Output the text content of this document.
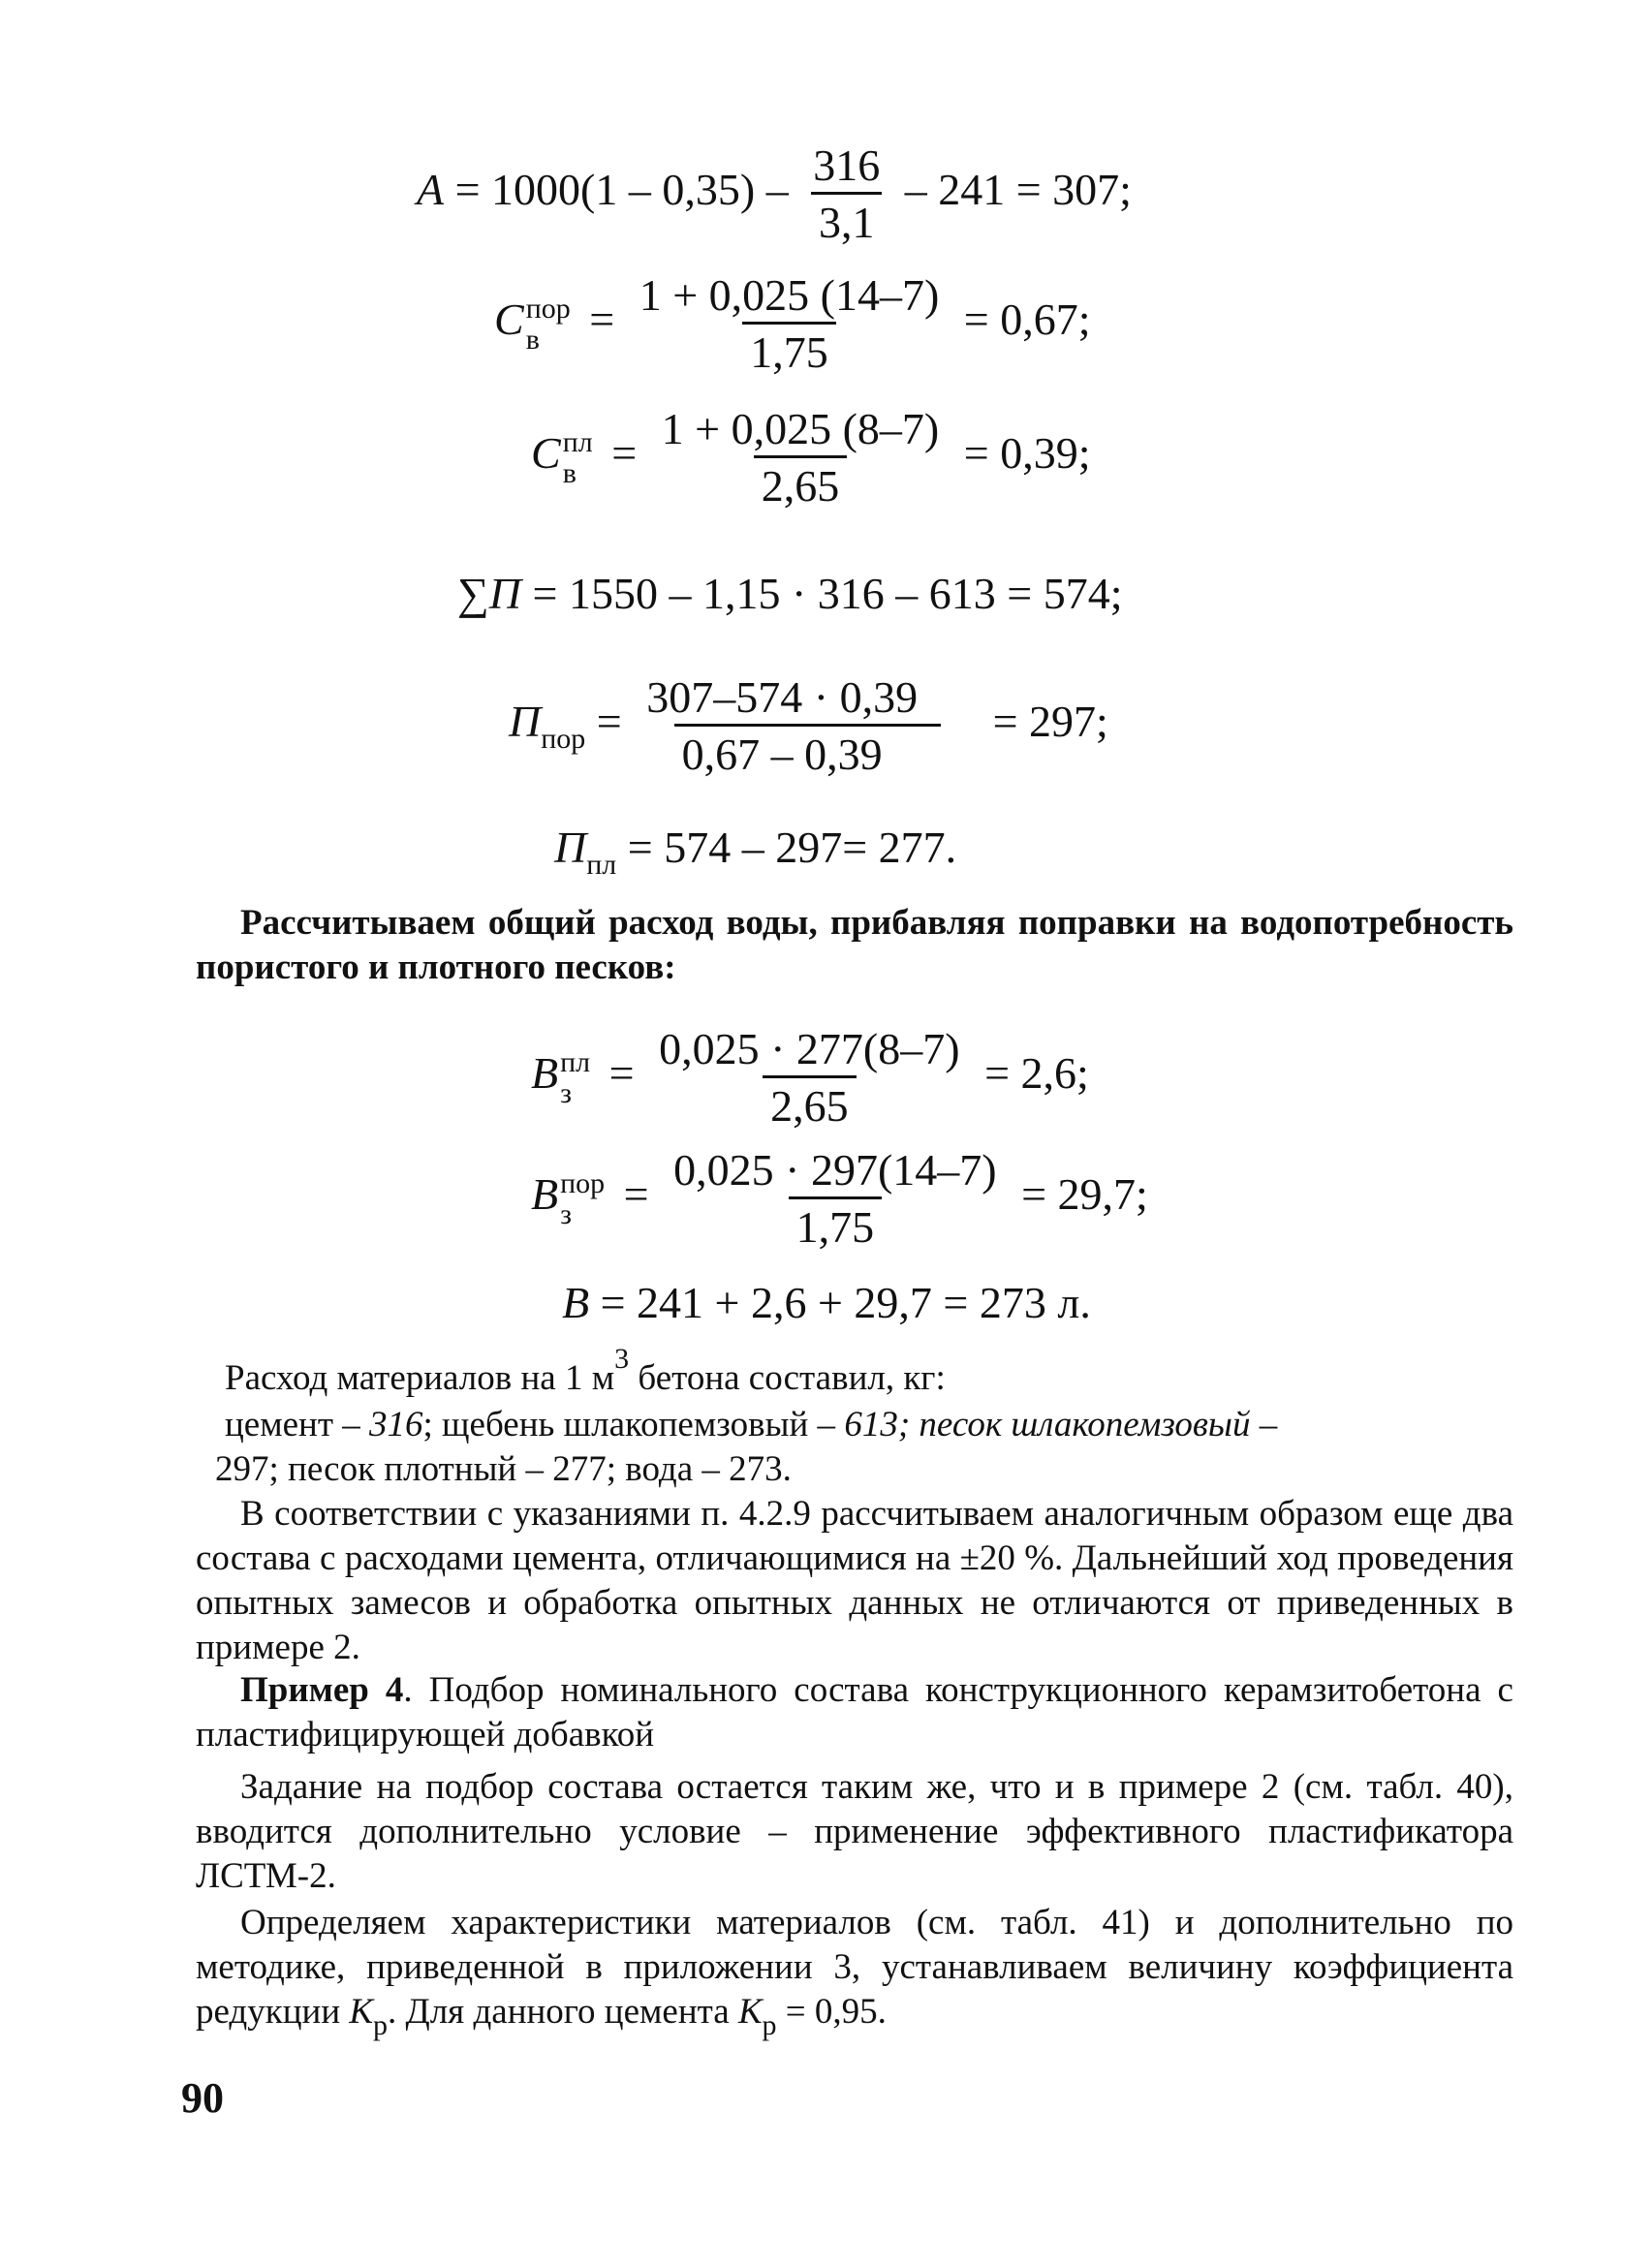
$А = 1000(1 - 0,35) - \frac{316}{3,1} - 241 = 307$;
С пор
в	= $\frac{1 + 0,025 (14-7)}{1,75} = 0,67$;
С пл
$в = \frac{1 + 0,025 (8-7)}{2,65} = 0,39$;
∑П = 1550 – 1,15 · 316 – 613 = 574;
$П_{пор} = \frac{307-574 \cdot 0,39}{0,67 - 0,39} = 297$;
$П_{пл} = 574 - 297= 277$.
Рассчитываем общий расход воды, прибавляя поправки на водопотребность пористого и плотного песков:
В пл
$з = \frac{0,025 \cdot 277(8-7)}{2,65} = 2,6$;
В пор
з	= $\frac{0,025 \cdot 297(14-7)}{1,75} = 29,7$;
В = 241 + 2,6 + 29,7 = 273 л.
Расход материалов на 1 $м^3$ бетона составил, кг:
цемент – 316; щебень шлакопемзовый – 613; песок шлакопемзовый –
297; песок плотный – 277; вода – 273.
В соответствии с указаниями п. 4.2.9 рассчитываем аналогичным образом еще два состава с расходами цемента, отличающимися на ±20 %. Дальнейший ход проведения опытных замесов и обработка опытных данных не отличаются от приведенных в примере 2.
Пример 4. Подбор номинального состава конструкционного керамзитобетона с пластифицирующей добавкой
Задание на подбор состава остается таким же, что и в примере 2 (см. табл. 40), вводится дополнительно условие – применение эффективного пластификатора ЛСТМ-2.
Определяем характеристики материалов (см. табл. 41) и дополнительно по методике, приведенной в приложении 3, устанавливаем величину коэффициента редукции $К_р$. Для данного цемента $К_р = 0,95$.
90
